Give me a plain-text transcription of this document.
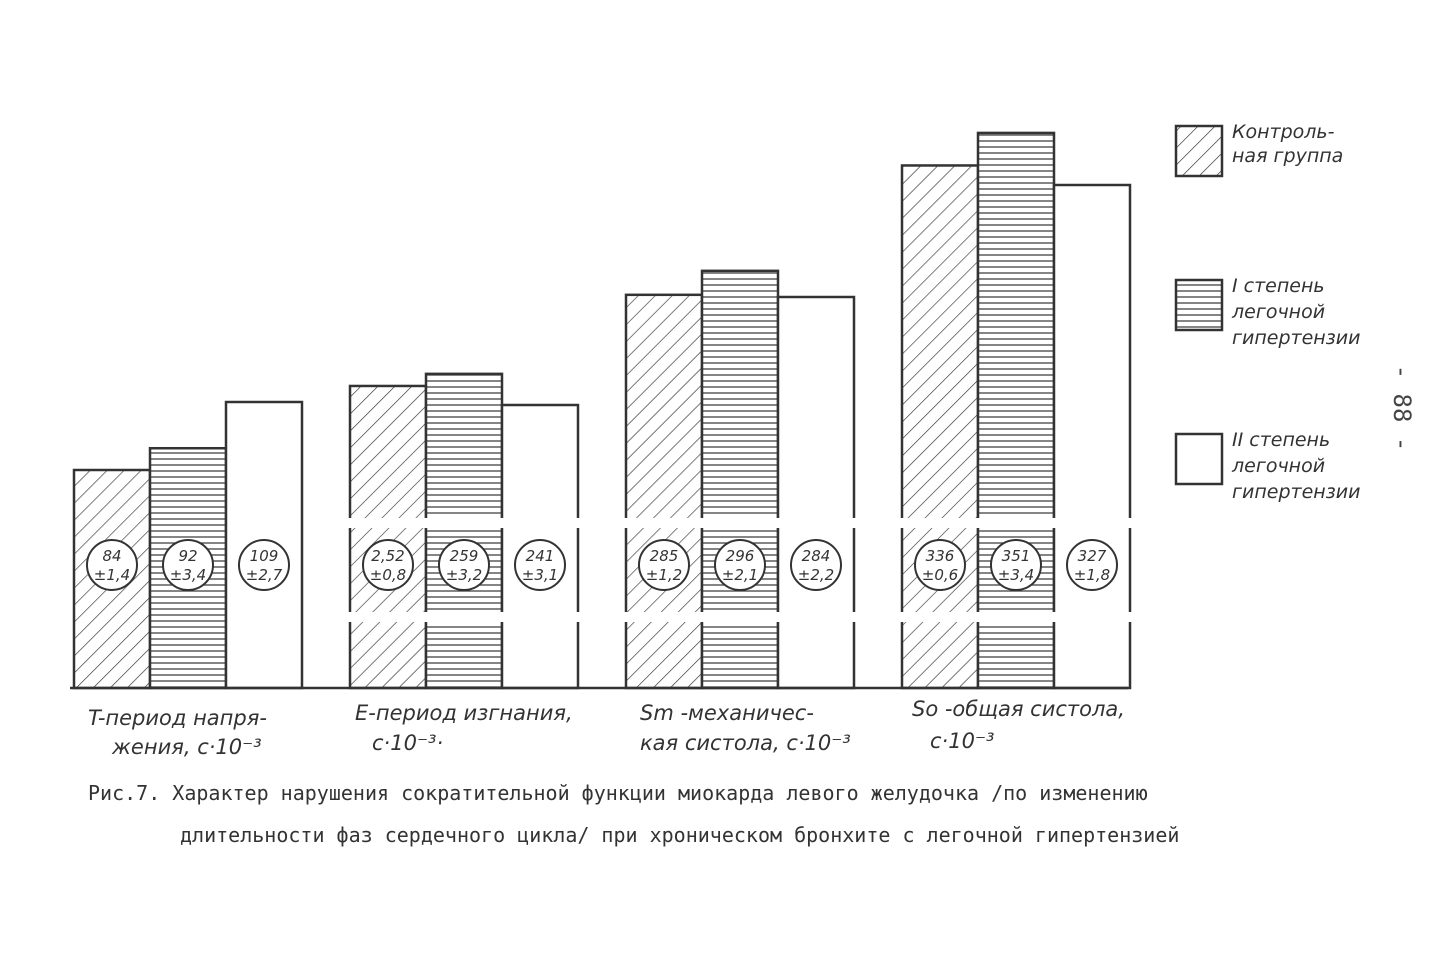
84
±1,4
92
±3,4
109
±2,7
2,52
±0,8
259
±3,2
241
±3,1
285
±1,2
296
±2,1
284
±2,2
336
±0,6
351
±3,4
327
±1,8
T-период напря-
жения, c·10⁻³
E-период изгнания,
c·10⁻³·
Sm -механичес-
кая систола, c·10⁻³
So -общая систола,
c·10⁻³
Контроль-
ная группа
I степень
легочной
гипертензии
II степень
легочной
гипертензии
- 88 -
Рис.7. Характер нарушения сократительной функции миокарда левого желудочка /по изменению
длительности фаз сердечного цикла/ при хроническом бронхите с легочной гипертензией
